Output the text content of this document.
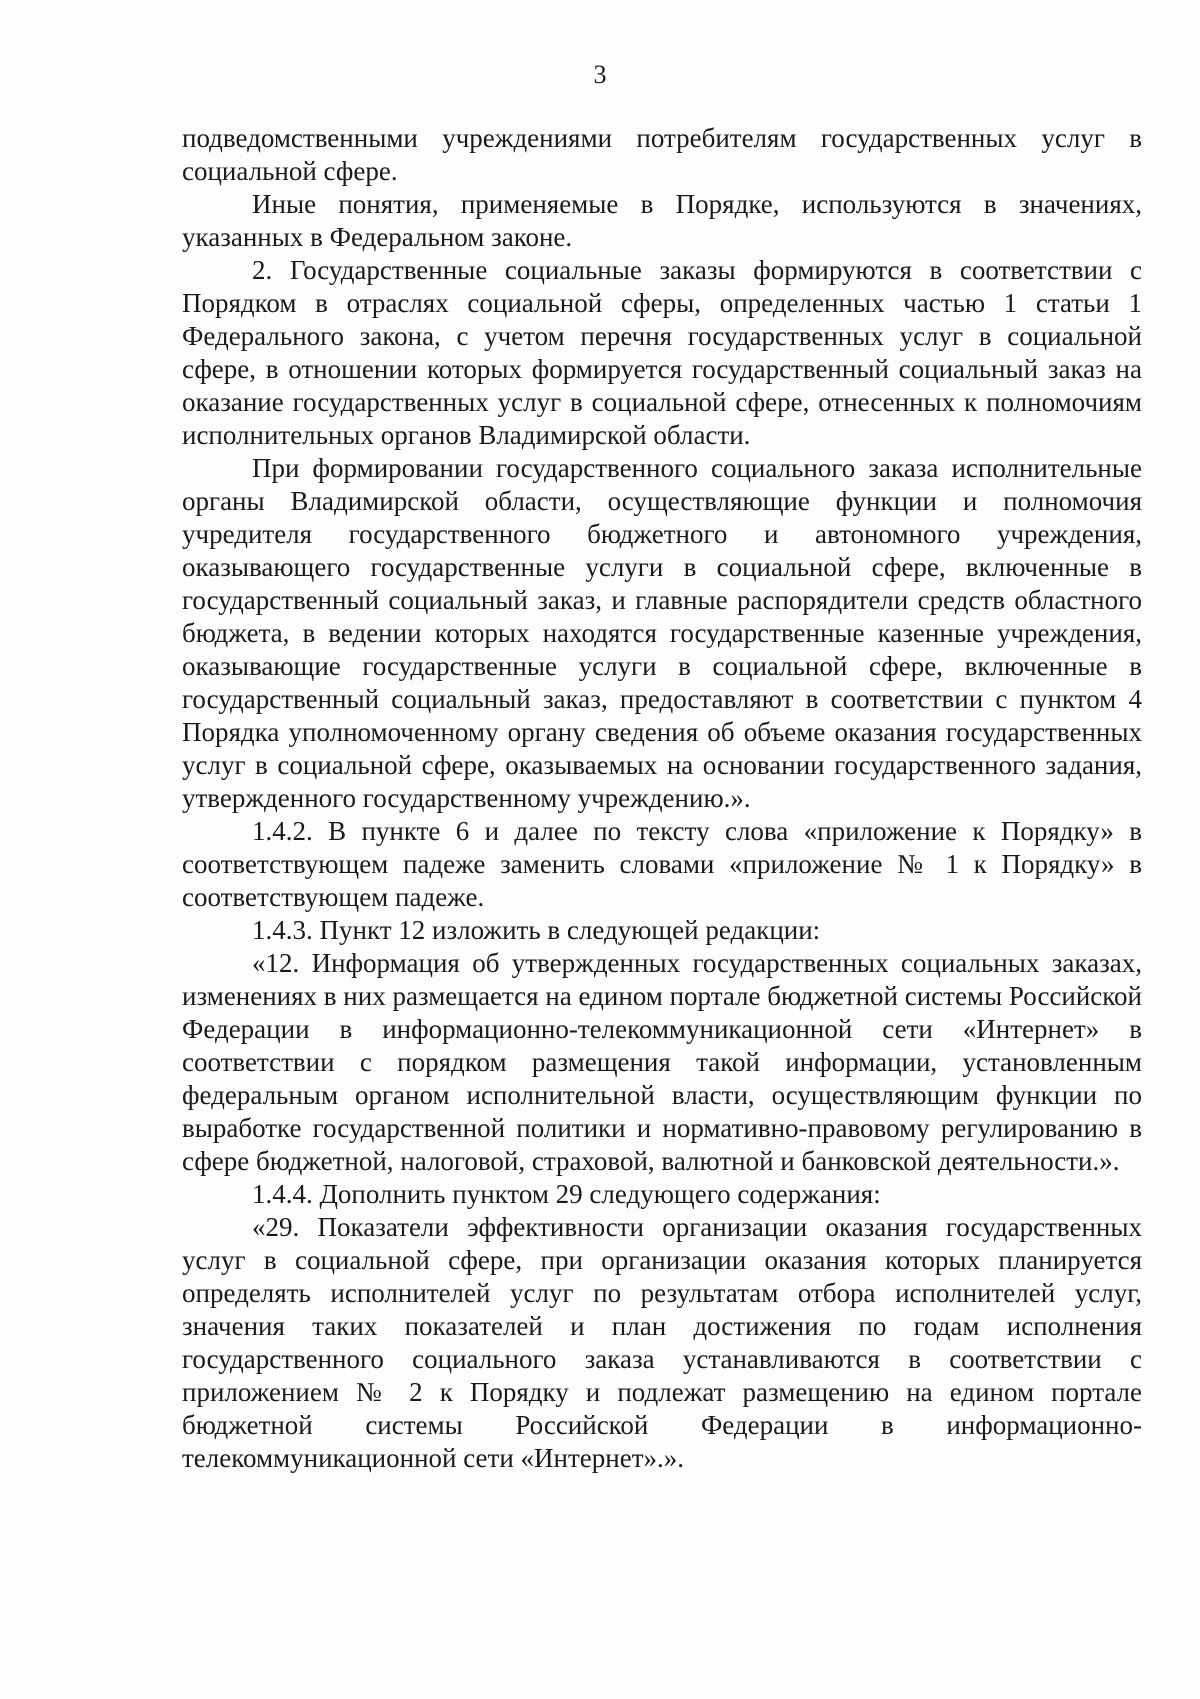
3

подведомственными учреждениями потребителям государственных услуг в социальной сфере.

Иные понятия, применяемые в Порядке, используются в значениях, указанных в Федеральном законе.

2. Государственные социальные заказы формируются в соответствии с Порядком в отраслях социальной сферы, определенных частью 1 статьи 1 Федерального закона, с учетом перечня государственных услуг в социальной сфере, в отношении которых формируется государственный социальный заказ на оказание государственных услуг в социальной сфере, отнесенных к полномочиям исполнительных органов Владимирской области.

При формировании государственного социального заказа исполнительные органы Владимирской области, осуществляющие функции и полномочия учредителя государственного бюджетного и автономного учреждения, оказывающего государственные услуги в социальной сфере, включенные в государственный социальный заказ, и главные распорядители средств областного бюджета, в ведении которых находятся государственные казенные учреждения, оказывающие государственные услуги в социальной сфере, включенные в государственный социальный заказ, предоставляют в соответствии с пунктом 4 Порядка уполномоченному органу сведения об объеме оказания государственных услуг в социальной сфере, оказываемых на основании государственного задания, утвержденного государственному учреждению.».

1.4.2. В пункте 6 и далее по тексту слова «приложение к Порядку» в соответствующем падеже заменить словами «приложение № 1 к Порядку» в соответствующем падеже.

1.4.3. Пункт 12 изложить в следующей редакции:

«12. Информация об утвержденных государственных социальных заказах, изменениях в них размещается на едином портале бюджетной системы Российской Федерации в информационно-телекоммуникационной сети «Интернет» в соответствии с порядком размещения такой информации, установленным федеральным органом исполнительной власти, осуществляющим функции по выработке государственной политики и нормативно-правовому регулированию в сфере бюджетной, налоговой, страховой, валютной и банковской деятельности.».

1.4.4. Дополнить пунктом 29 следующего содержания:

«29. Показатели эффективности организации оказания государственных услуг в социальной сфере, при организации оказания которых планируется определять исполнителей услуг по результатам отбора исполнителей услуг, значения таких показателей и план достижения по годам исполнения государственного социального заказа устанавливаются в соответствии с приложением № 2 к Порядку и подлежат размещению на едином портале бюджетной системы Российской Федерации в информационно-телекоммуникационной сети «Интернет».».
